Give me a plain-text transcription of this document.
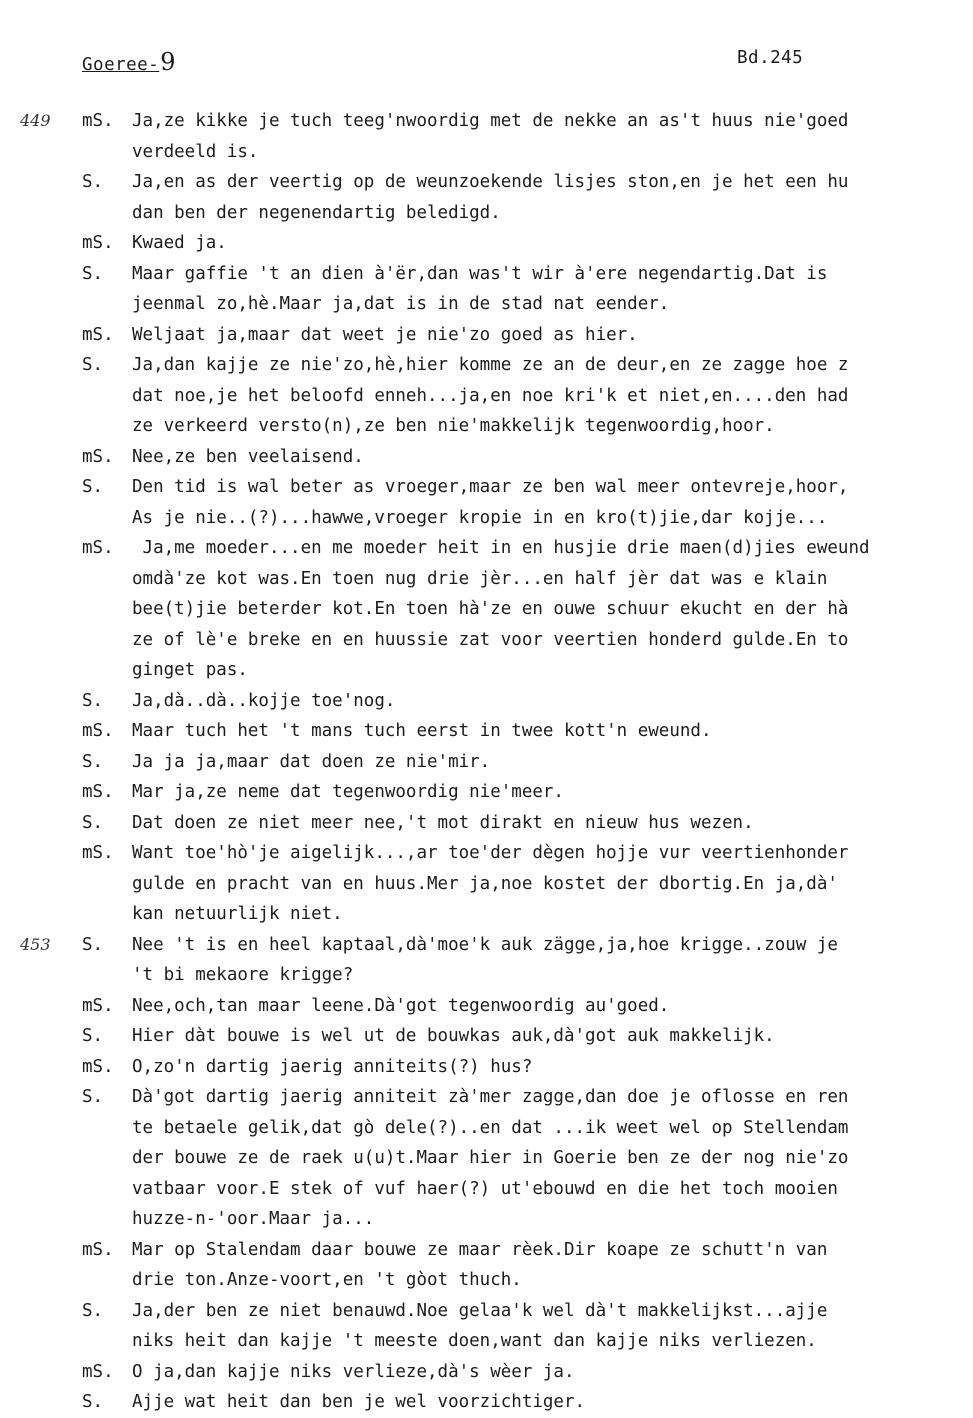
Goeree-9	Bd.245
449 mS. Ja,ze kikke je tuch teeg'nwoordig met de nekke an as't huus nie'goed
verdeeld is.
S. Ja,en as der veertig op de weunzoekende lisjes ston,en je het een hu
dan ben der negenendartig beledigd.
mS. Kwaed ja.
S. Maar gaffie 't an dien à'ër,dan was't wir à'ere negendartig.Dat is
jeenmal zo,hè.Maar ja,dat is in de stad nat eender.
mS. Weljaat ja,maar dat weet je nie'zo goed as hier.
S. Ja,dan kajje ze nie'zo,hè,hier komme ze an de deur,en ze zagge hoe z
dat noe,je het beloofd enneh...ja,en noe kri'k et niet,en....den had
ze verkeerd versto(n),ze ben nie'makkelijk tegenwoordig,hoor.
mS. Nee,ze ben veelaisend.
S. Den tid is wal beter as vroeger,maar ze ben wal meer ontevreje,hoor,
As je nie..(?)...hawwe,vroeger kropie in en kro(t)jie,dar kojje...
mS. Ja,me moeder...en me moeder heit in en husjie drie maen(d)jies eweund
omdà'ze kot was.En toen nug drie jèr...en half jèr dat was e klain
bee(t)jie beterder kot.En toen hà'ze en ouwe schuur ekucht en der hà
ze of lè'e breke en en huussie zat voor veertien honderd gulde.En to
ginget pas.
S. Ja,dà..dà..kojje toe'nog.
mS. Maar tuch het 't mans tuch eerst in twee kott'n eweund.
S. Ja ja ja,maar dat doen ze nie'mir.
mS. Mar ja,ze neme dat tegenwoordig nie'meer.
S. Dat doen ze niet meer nee,'t mot dirakt en nieuw hus wezen.
mS. Want toe'hò'je aigelijk...,ar toe'der dègen hojje vur veertienhonder
gulde en pracht van en huus.Mer ja,noe kostet der dbortig.En ja,dà'
kan netuurlijk niet.
453 S. Nee 't is en heel kaptaal,dà'moe'k auk zägge,ja,hoe krigge..zouw je
't bi mekaore krigge?
mS. Nee,och,tan maar leene.Dà'got tegenwoordig au'goed.
S. Hier dàt bouwe is wel ut de bouwkas auk,dà'got auk makkelijk.
mS. O,zo'n dartig jaerig anniteits(?) hus?
S. Dà'got dartig jaerig anniteit zà'mer zagge,dan doe je oflosse en ren
te betaele gelik,dat gò dele(?)..en dat ...ik weet wel op Stellendam
der bouwe ze de raek u(u)t.Maar hier in Goerie ben ze der nog nie'zo
vatbaar voor.E stek of vuf haer(?) ut'ebouwd en die het toch mooien
huzze-n-'oor.Maar ja...
mS. Mar op Stalendam daar bouwe ze maar rèek.Dir koape ze schutt'n van
drie ton.Anze-voort,en 't gòot thuch.
S. Ja,der ben ze niet benauwd.Noe gelaa'k wel dà't makkelijkst...ajje
niks heit dan kajje 't meeste doen,want dan kajje niks verliezen.
mS. O ja,dan kajje niks verlieze,dà's wèer ja.
S. Ajje wat heit dan ben je wel voorzichtiger.
